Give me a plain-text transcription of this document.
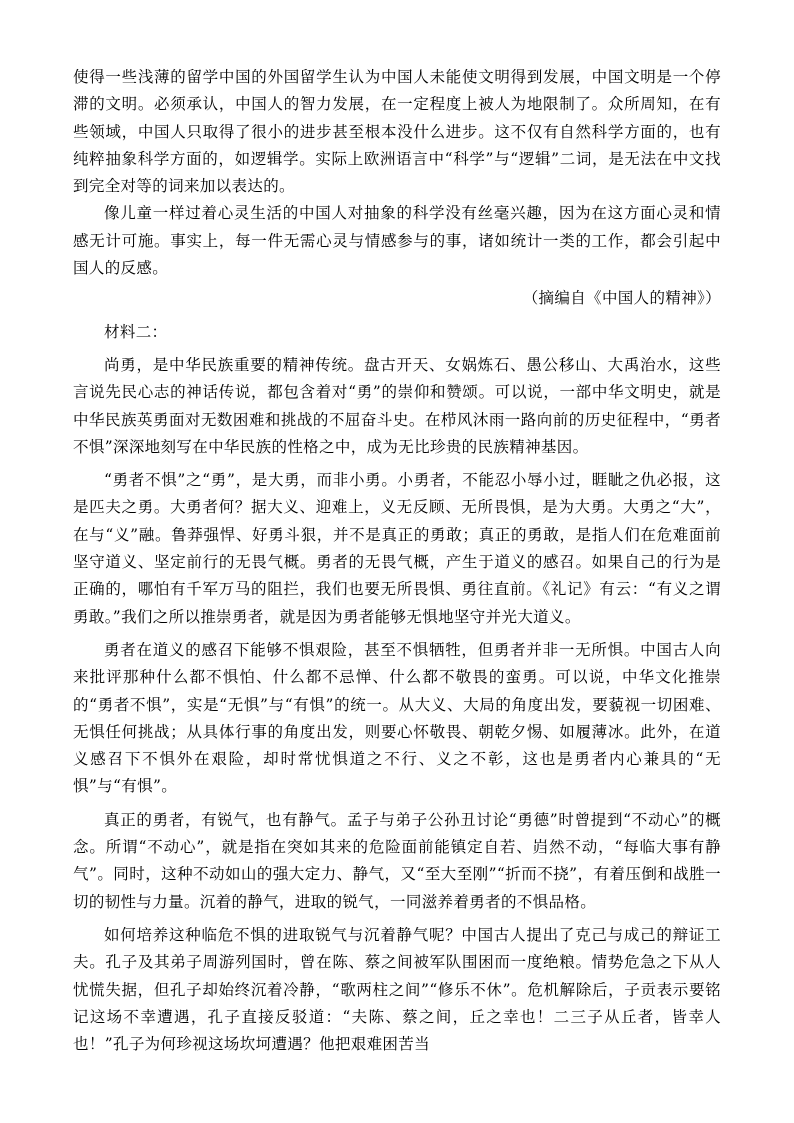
使得一些浅薄的留学中国的外国留学生认为中国人未能使文明得到发展，中国文明是一个停滞的文明。必须承认，中国人的智力发展，在一定程度上被人为地限制了。众所周知，在有些领域，中国人只取得了很小的进步甚至根本没什么进步。这不仅有自然科学方面的，也有纯粹抽象科学方面的，如逻辑学。实际上欧洲语言中“科学”与“逻辑”二词，是无法在中文找到完全对等的词来加以表达的。

像儿童一样过着心灵生活的中国人对抽象的科学没有丝毫兴趣，因为在这方面心灵和情感无计可施。事实上，每一件无需心灵与情感参与的事，诸如统计一类的工作，都会引起中国人的反感。

（摘编自《中国人的精神》）

材料二：

尚勇，是中华民族重要的精神传统。盘古开天、女娲炼石、愚公移山、大禹治水，这些言说先民心志的神话传说，都包含着对“勇”的崇仰和赞颂。可以说，一部中华文明史，就是中华民族英勇面对无数困难和挑战的不屈奋斗史。在栉风沐雨一路向前的历史征程中，“勇者不惧”深深地刻写在中华民族的性格之中，成为无比珍贵的民族精神基因。

“勇者不惧”之“勇”，是大勇，而非小勇。小勇者，不能忍小辱小过，睚眦之仇必报，这是匹夫之勇。大勇者何？据大义、迎难上，义无反顾、无所畏惧，是为大勇。大勇之“大”，在与“义”融。鲁莽强悍、好勇斗狠，并不是真正的勇敢；真正的勇敢，是指人们在危难面前坚守道义、坚定前行的无畏气概。勇者的无畏气概，产生于道义的感召。如果自己的行为是正确的，哪怕有千军万马的阻拦，我们也要无所畏惧、勇往直前。《礼记》有云：“有义之谓勇敢。”我们之所以推崇勇者，就是因为勇者能够无惧地坚守并光大道义。

勇者在道义的感召下能够不惧艰险，甚至不惧牺牲，但勇者并非一无所惧。中国古人向来批评那种什么都不惧怕、什么都不忌惮、什么都不敬畏的蛮勇。可以说，中华文化推崇的“勇者不惧”，实是“无惧”与“有惧”的统一。从大义、大局的角度出发，要藐视一切困难、无惧任何挑战；从具体行事的角度出发，则要心怀敬畏、朝乾夕惕、如履薄冰。此外，在道义感召下不惧外在艰险，却时常忧惧道之不行、义之不彰，这也是勇者内心兼具的“无惧”与“有惧”。

真正的勇者，有锐气，也有静气。孟子与弟子公孙丑讨论“勇德”时曾提到“不动心”的概念。所谓“不动心”，就是指在突如其来的危险面前能镇定自若、岿然不动，“每临大事有静气”。同时，这种不动如山的强大定力、静气，又“至大至刚”“折而不挠”，有着压倒和战胜一切的韧性与力量。沉着的静气，进取的锐气，一同滋养着勇者的不惧品格。

如何培养这种临危不惧的进取锐气与沉着静气呢？中国古人提出了克己与成己的辩证工夫。孔子及其弟子周游列国时，曾在陈、蔡之间被军队围困而一度绝粮。情势危急之下从人忧慌失据，但孔子却始终沉着冷静，“歌两柱之间”“修乐不休”。危机解除后，子贡表示要铭记这场不幸遭遇，孔子直接反驳道：“夫陈、蔡之间，丘之幸也！二三子从丘者，皆幸人也！”孔子为何珍视这场坎坷遭遇？他把艰难困苦当
